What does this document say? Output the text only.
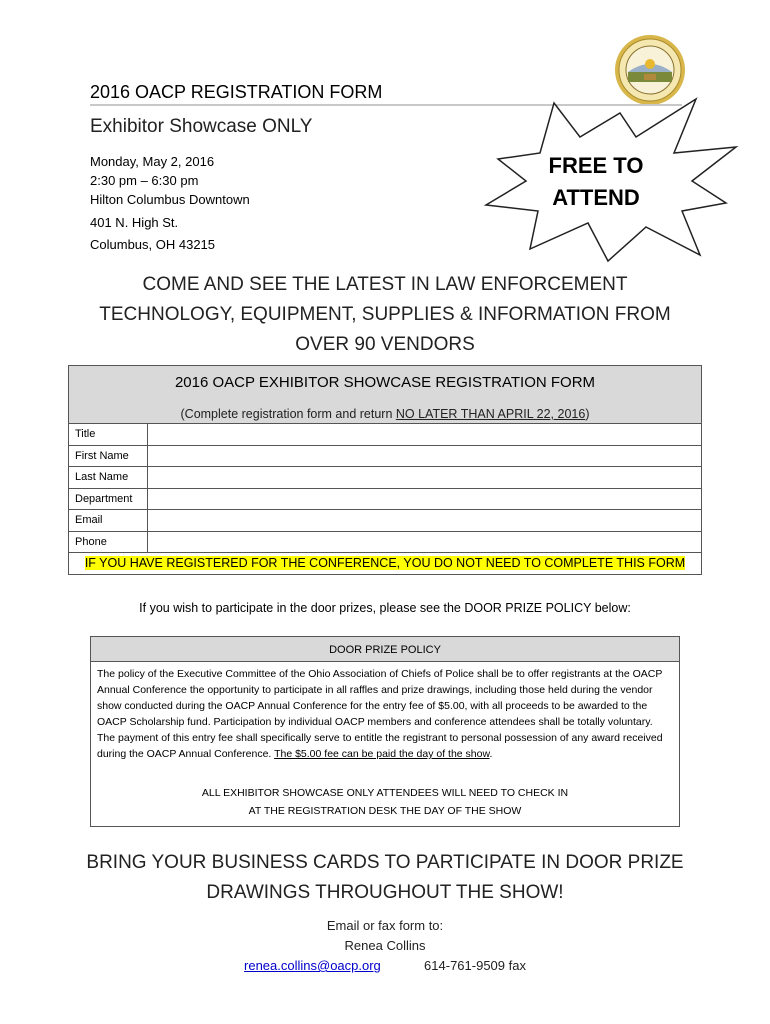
2016 OACP REGISTRATION FORM
Exhibitor Showcase ONLY
Monday, May 2, 2016
2:30 pm – 6:30 pm
Hilton Columbus Downtown
401 N. High St.
Columbus, OH 43215
FREE TO
ATTEND
COME AND SEE THE LATEST IN LAW ENFORCEMENT
TECHNOLOGY, EQUIPMENT, SUPPLIES & INFORMATION FROM
OVER 90 VENDORS
2016 OACP EXHIBITOR SHOWCASE REGISTRATION FORM
(Complete registration form and return NO LATER THAN APRIL 22, 2016)	

Title	
First Name	
Last Name	
Department	
Email	
Phone	
IF YOU HAVE REGISTERED FOR THE CONFERENCE, YOU DO NOT NEED TO COMPLETE THIS FORM	
If you wish to participate in the door prizes, please see the DOOR PRIZE POLICY below:
DOOR PRIZE POLICY
The policy of the Executive Committee of the Ohio Association of Chiefs of Police shall be to offer registrants at the OACP Annual Conference the opportunity to participate in all raffles and prize drawings, including those held during the vendor show conducted during the OACP Annual Conference for the entry fee of $5.00, with all proceeds to be awarded to the OACP Scholarship fund. Participation by individual OACP members and conference attendees shall be totally voluntary. The payment of this entry fee shall specifically serve to entitle the registrant to personal possession of any award received during the OACP Annual Conference. The $5.00 fee can be paid the day of the show.
ALL EXHIBITOR SHOWCASE ONLY ATTENDEES WILL NEED TO CHECK IN
AT THE REGISTRATION DESK THE DAY OF THE SHOW
BRING YOUR BUSINESS CARDS TO PARTICIPATE IN DOOR PRIZE
DRAWINGS THROUGHOUT THE SHOW!
Email or fax form to:
Renea Collins
renea.collins@oacp.org	614-761-9509 fax
